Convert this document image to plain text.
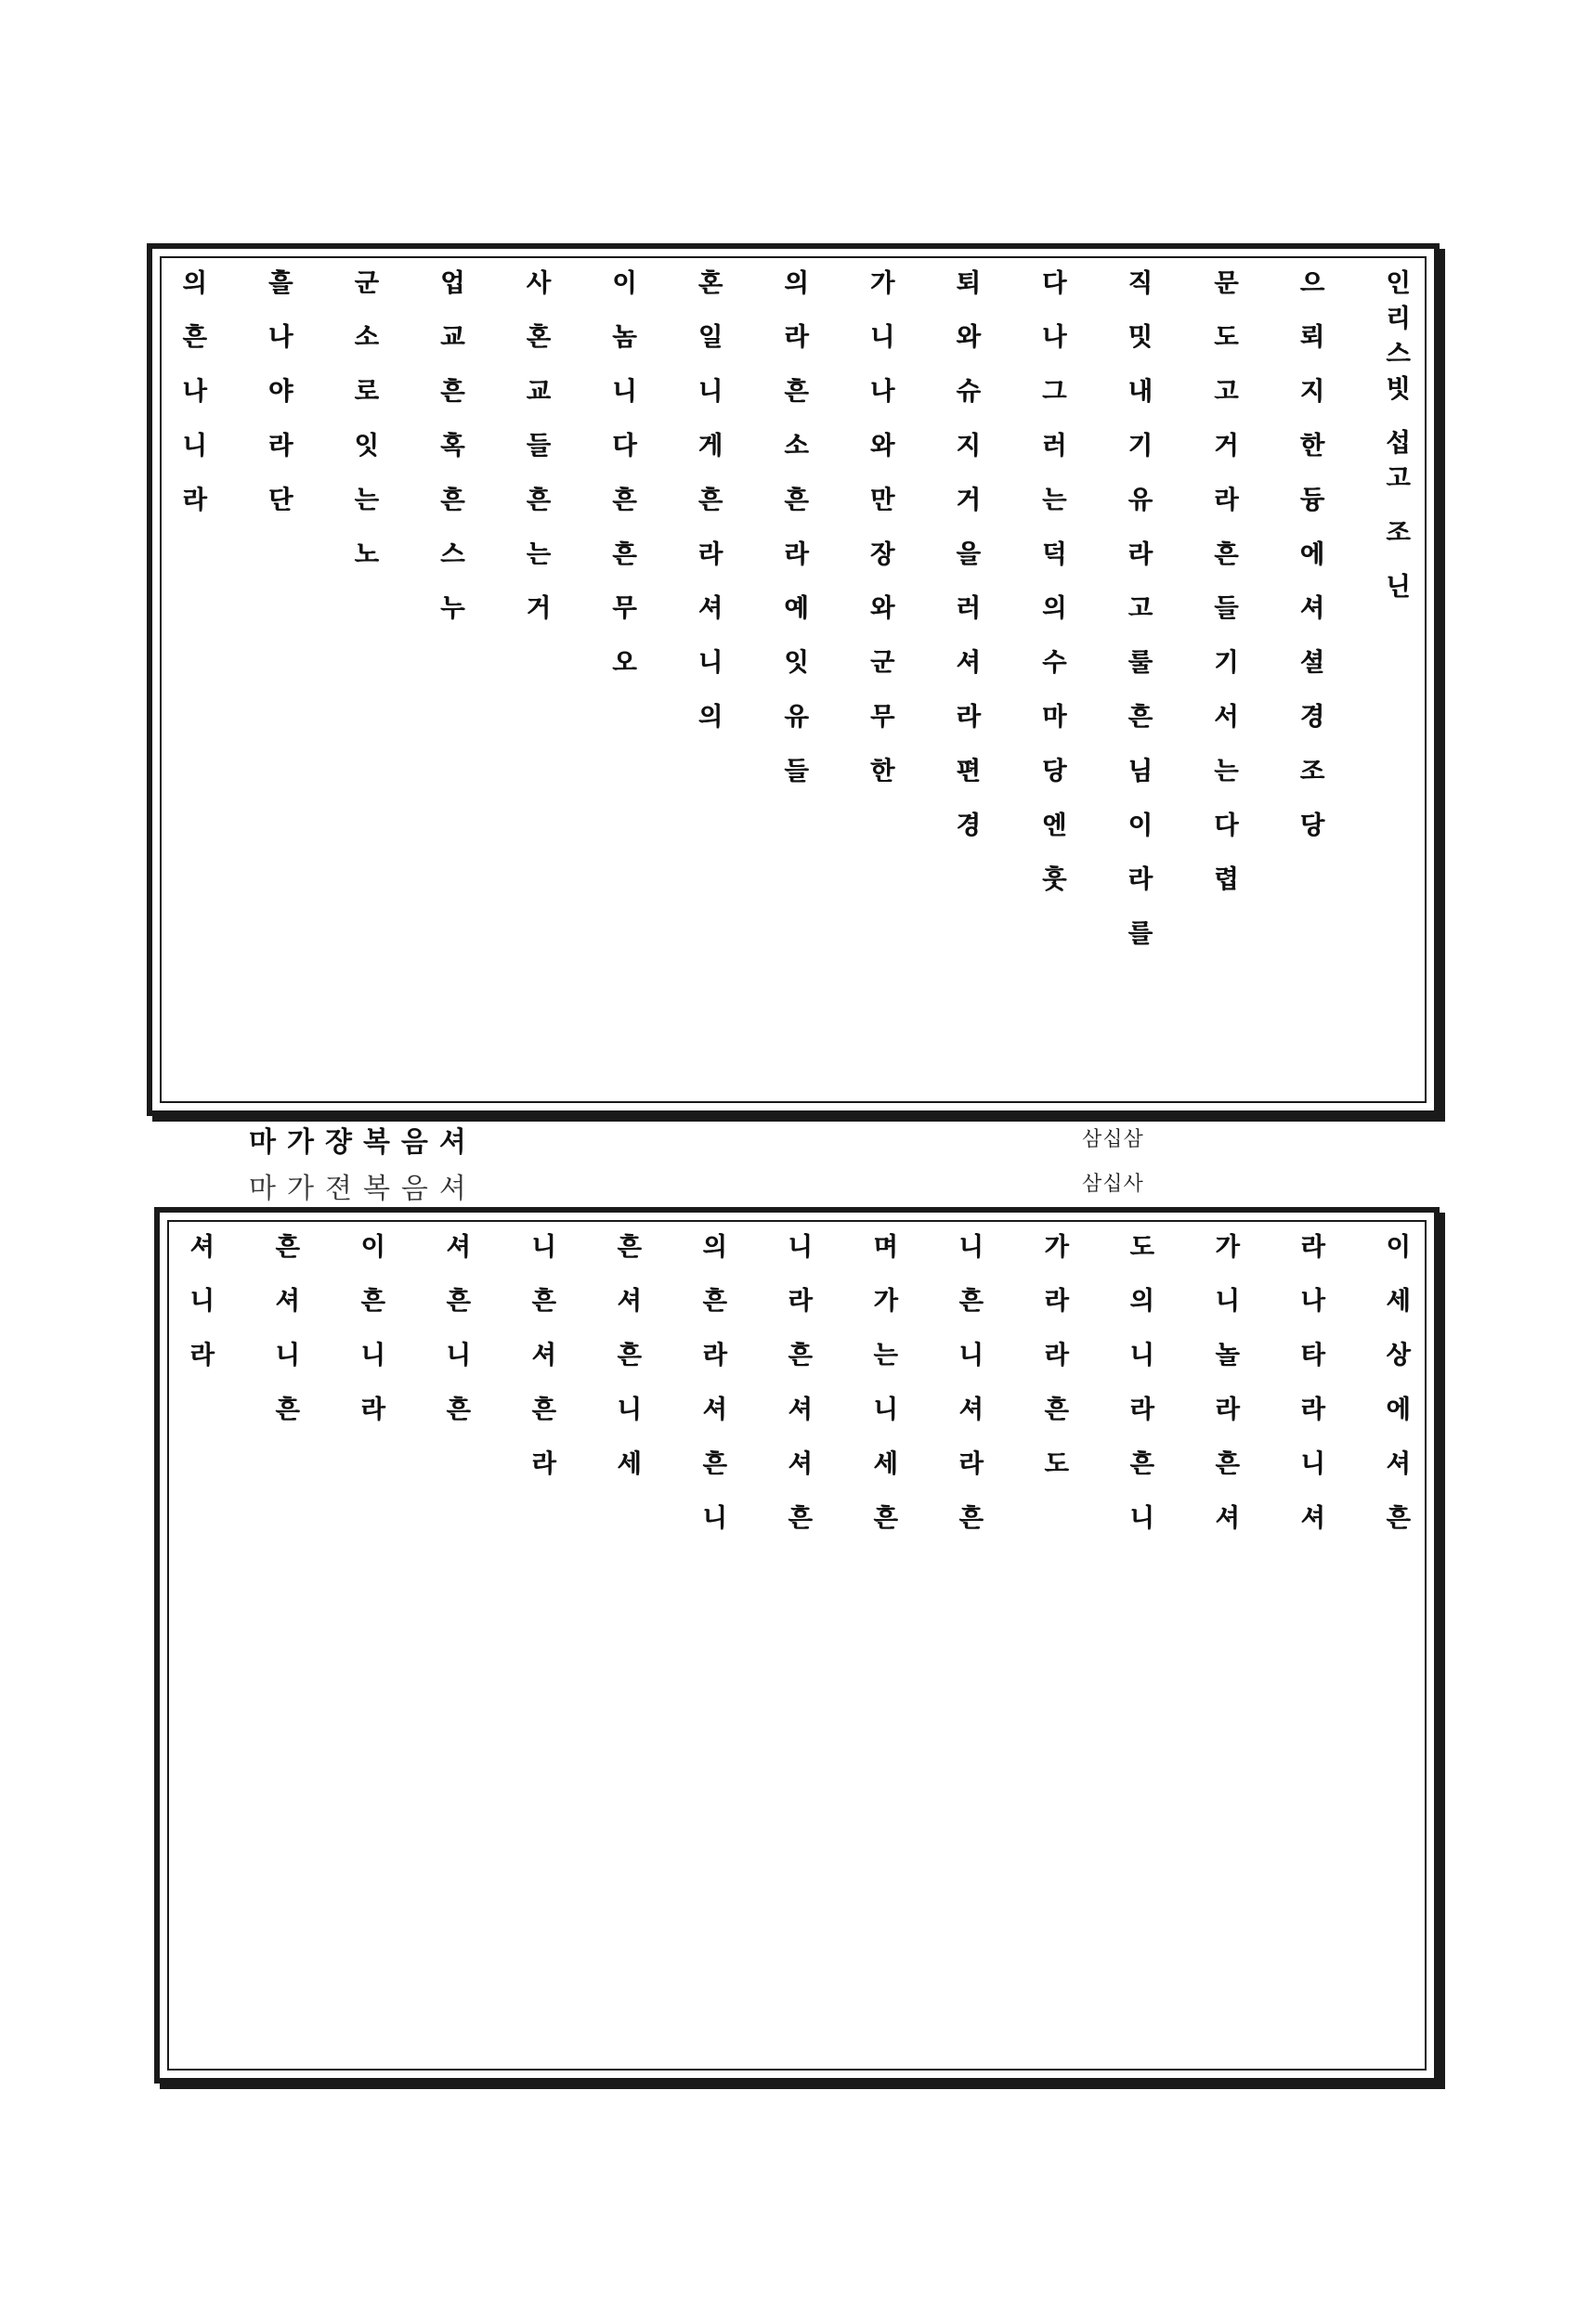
인리스빗 섭고 조 닌
으 뢰 지 한 듕 에 셔 셜 경 조 당
문 도 고 거 라 흔 들 기 서 는 다 렵
직 밋 내 기 유 라 고 룰 흔 님 이 라 를
다 나 그 러 는 덕 의 수 마 당 엔 훗
퇴 와 슈 지 거 을 러 셔 라 편 경
가 니 나 와 만 장 와 군 무 한
의 라 흔 소 흔 라 예 잇 유 들
혼 일 니 게 흔 라 셔 니 의
이 놈 니 다 흔 흔 무 오
사 혼 교 들 흔 는 거
업 교 흔 혹 흔 스 누
군 소 로 잇 는 노
흘 나 야 라 단
의 흔 나 니 라
마가쟝복음셔
마가젼복음셔
삼십삼
삼십사
이 세 상 에 셔 흔
라 나 타 라 니 셔
가 니 놀 라 흔 셔
도 의 니 라 흔 니
가 라 라 흔 도
니 흔 니 셔 라 흔
며 가 는 니 세 흔
니 라 흔 셔 셔 흔
의 흔 라 셔 흔 니
흔 셔 흔 니 세
니 흔 셔 흔 라
셔 흔 니 흔
이 흔 니 라
흔 셔 니 흔
셔 니 라
